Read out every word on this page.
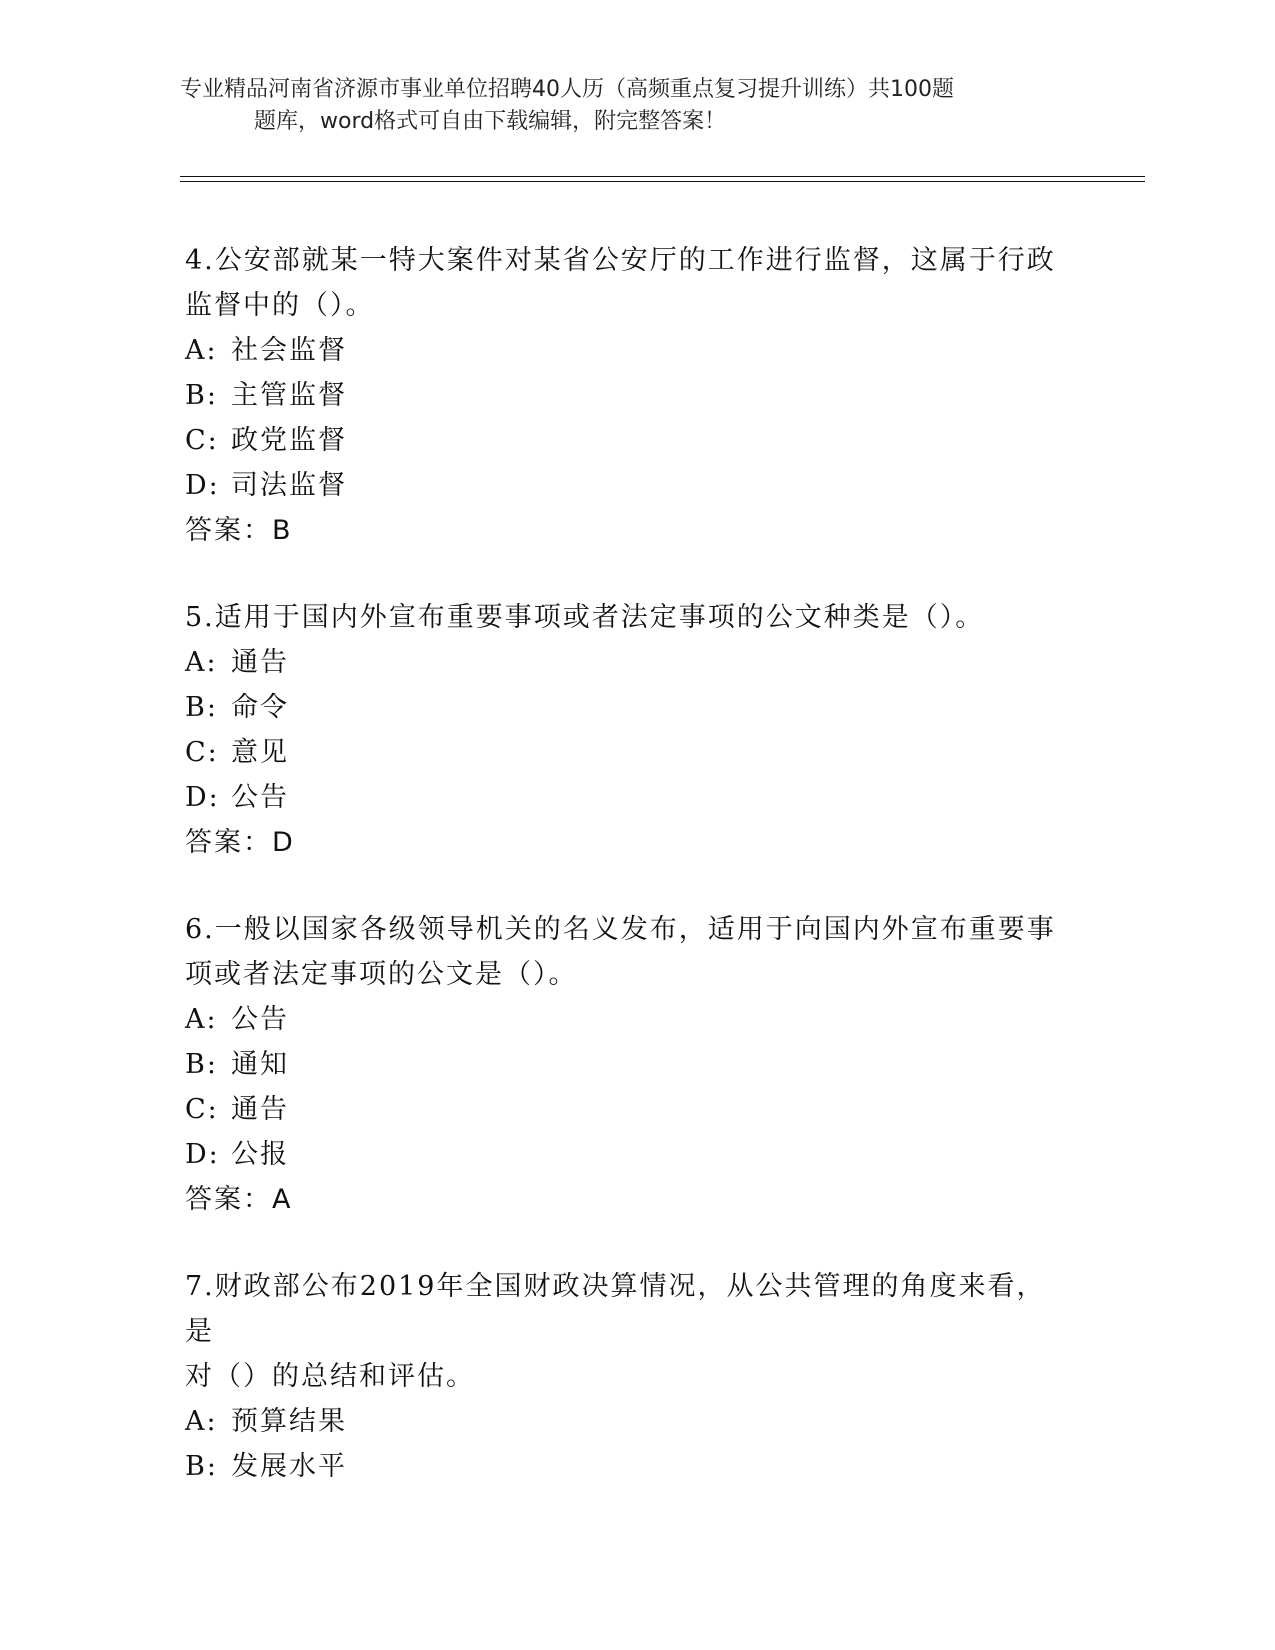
专业精品河南省济源市事业单位招聘40人历（高频重点复习提升训练）共100题
题库，word格式可自由下载编辑，附完整答案！
4.公安部就某一特大案件对某省公安厅的工作进行监督，这属于行政
监督中的（）。
A: 社会监督
B: 主管监督
C: 政党监督
D: 司法监督
答案：B
5.适用于国内外宣布重要事项或者法定事项的公文种类是（）。
A: 通告
B: 命令
C: 意见
D: 公告
答案：D
6.一般以国家各级领导机关的名义发布，适用于向国内外宣布重要事
项或者法定事项的公文是（）。
A: 公告
B: 通知
C: 通告
D: 公报
答案：A
7.财政部公布2019年全国财政决算情况，从公共管理的角度来看，是
对（）的总结和评估。
A: 预算结果
B: 发展水平
